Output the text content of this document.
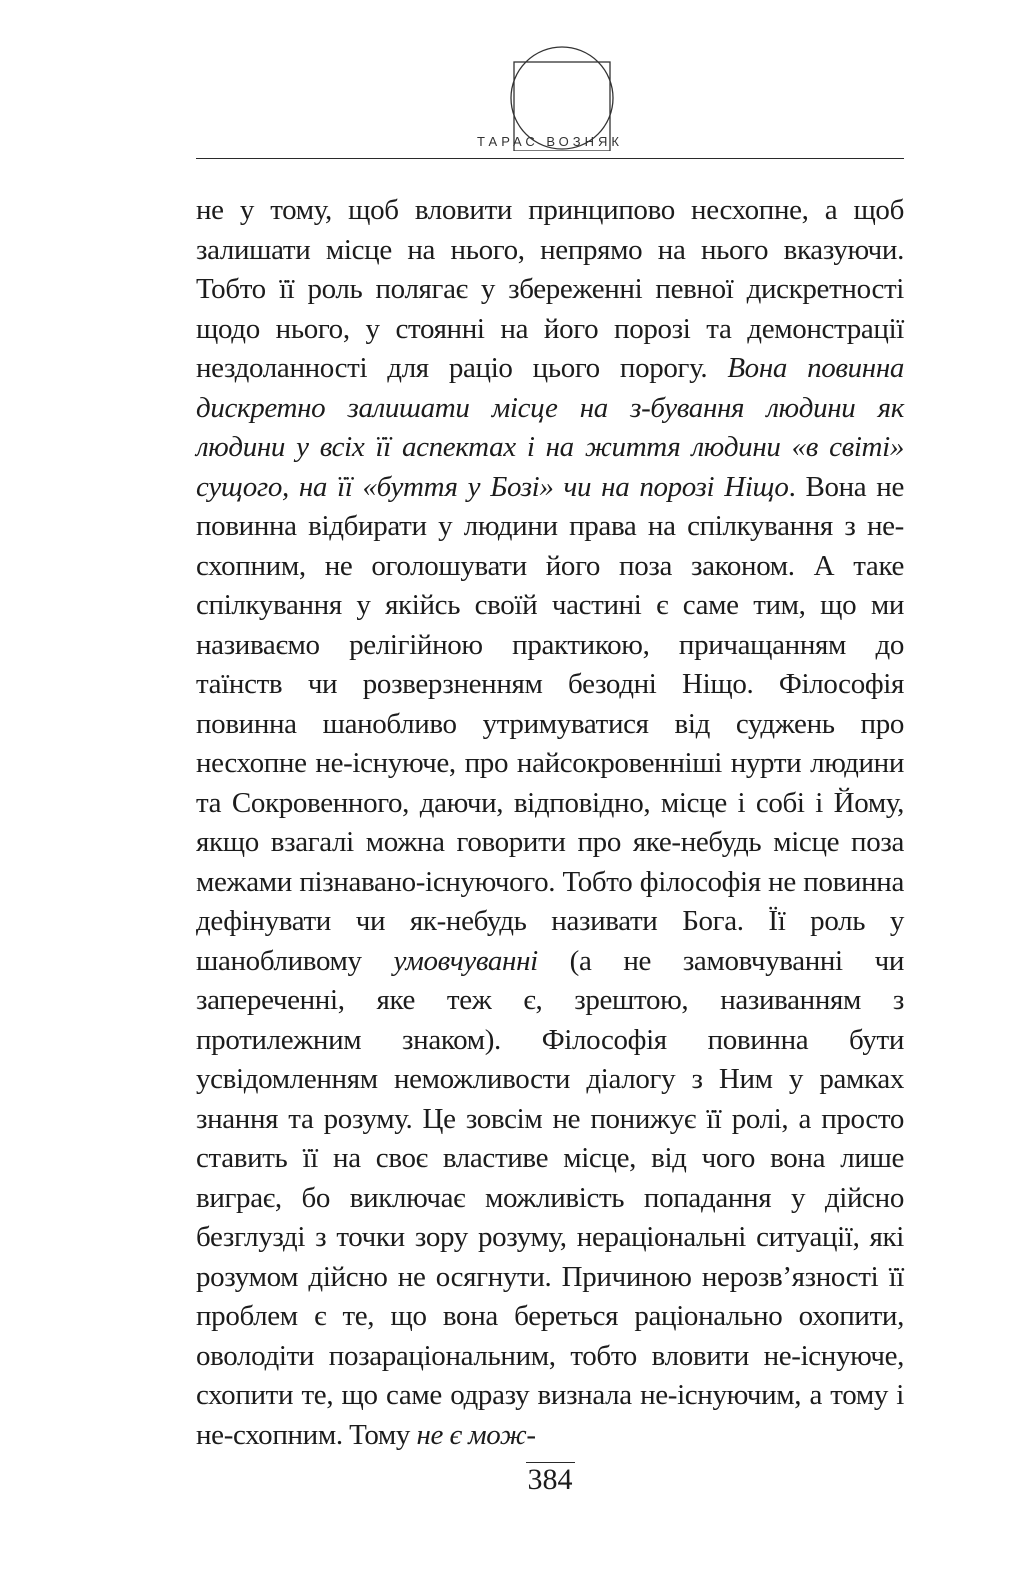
ТАРАС ВОЗНЯК

не у тому, щоб вловити принципово несхопне, а щоб залишати місце на нього, непрямо на нього вказуючи. Тобто її роль полягає у збереженні певної дискретності щодо нього, у стоянні на його порозі та демонстрації нездоланності для раціо цього порогу. Вона повинна дискретно залишати місце на з-бування людини як людини у всіх її аспектах і на життя людини «в світі» сущого, на її «буття у Бозі» чи на порозі Ніщо. Вона не повинна відбирати у людини права на спілкування з не-схопним, не оголошувати його поза законом. А таке спілкування у якійсь своїй частині є саме тим, що ми називаємо релігійною практикою, причащанням до таїнств чи розверзненням безодні Ніщо. Філософія повинна шанобливо утримуватися від суджень про несхопне не-існуюче, про найсокровенніші нурти людини та Сокровенного, даючи, відповідно, місце і собі і Йому, якщо взагалі можна говорити про яке-небудь місце поза межами пізнавано-існуючого. Тобто філософія не повинна дефінувати чи як-небудь називати Бога. Її роль у шанобливому умовчуванні (а не замовчуванні чи запереченні, яке теж є, зрештою, називанням з протилежним знаком). Філософія повинна бути усвідомленням неможливости діалогу з Ним у рамках знання та розуму. Це зовсім не понижує її ролі, а просто ставить її на своє властиве місце, від чого вона лише виграє, бо виключає можливість попадання у дійсно безглузді з точки зору розуму, нераціональні ситуації, які розумом дійсно не осягнути. Причиною нерозв’язності її проблем є те, що вона береться раціонально охопити, оволодіти позараціональним, тобто вловити не-існуюче, схопити те, що саме одразу визнала не-існуючим, а тому і не-схопним. Тому не є мож-

384
